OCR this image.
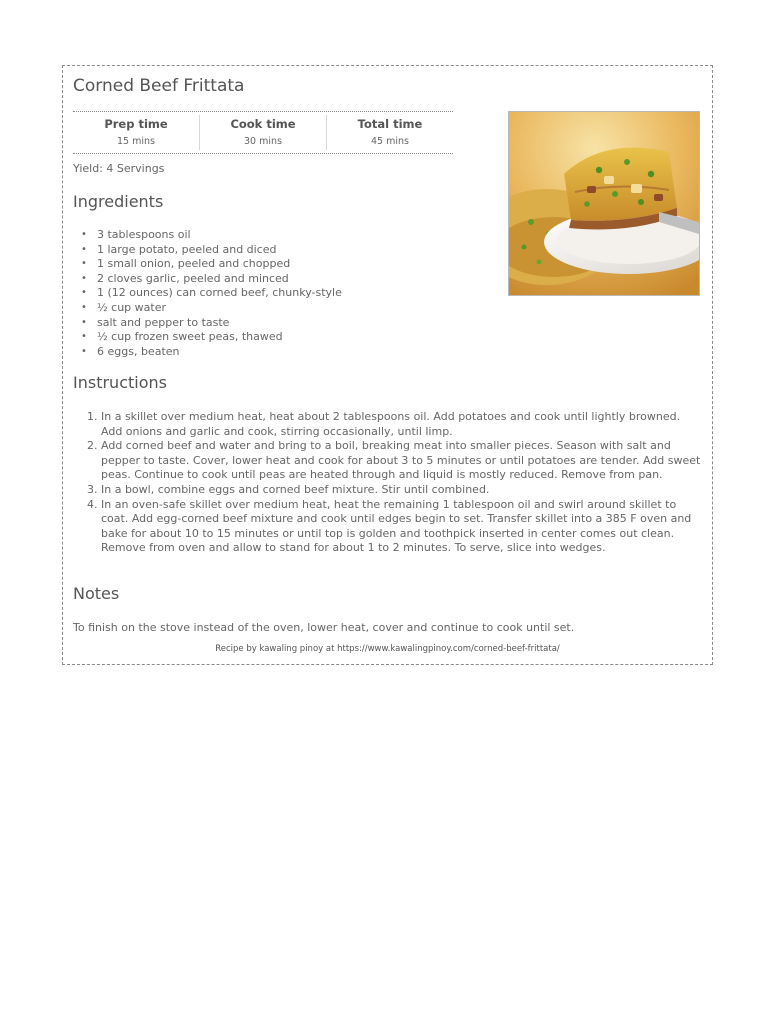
Corned Beef Frittata
Prep time
15 mins
Cook time
30 mins
Total time
45 mins
Yield: 4 Servings
Ingredients
• 3 tablespoons oil
• 1 large potato, peeled and diced
• 1 small onion, peeled and chopped
• 2 cloves garlic, peeled and minced
• 1 (12 ounces) can corned beef, chunky-style
• ½ cup water
• salt and pepper to taste
• ½ cup frozen sweet peas, thawed
• 6 eggs, beaten
Instructions
1. In a skillet over medium heat, heat about 2 tablespoons oil. Add potatoes and cook until lightly browned. Add onions and garlic and cook, stirring occasionally, until limp.
2. Add corned beef and water and bring to a boil, breaking meat into smaller pieces. Season with salt and pepper to taste. Cover, lower heat and cook for about 3 to 5 minutes or until potatoes are tender. Add sweet peas. Continue to cook until peas are heated through and liquid is mostly reduced. Remove from pan.
3. In a bowl, combine eggs and corned beef mixture. Stir until combined.
4. In an oven-safe skillet over medium heat, heat the remaining 1 tablespoon oil and swirl around skillet to coat. Add egg-corned beef mixture and cook until edges begin to set. Transfer skillet into a 385 F oven and bake for about 10 to 15 minutes or until top is golden and toothpick inserted in center comes out clean. Remove from oven and allow to stand for about 1 to 2 minutes. To serve, slice into wedges.
Notes
To finish on the stove instead of the oven, lower heat, cover and continue to cook until set.
Recipe by kawaling pinoy at https://www.kawalingpinoy.com/corned-beef-frittata/
